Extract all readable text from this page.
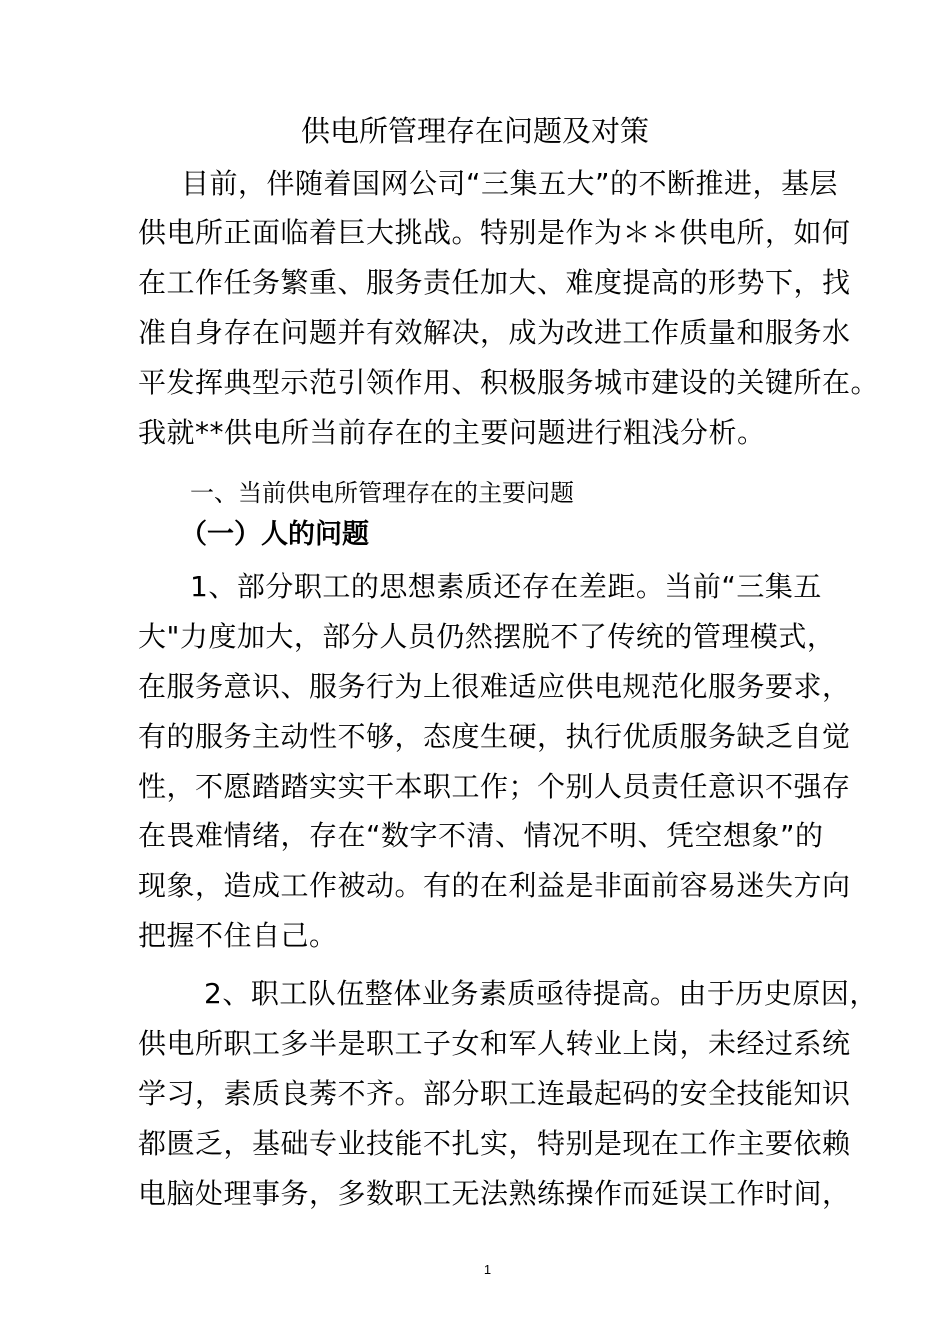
供电所管理存在问题及对策
目前，伴随着国网公司“三集五大”的不断推进，基层
供电所正面临着巨大挑战。特别是作为＊＊供电所，如何
在工作任务繁重、服务责任加大、难度提高的形势下，找
准自身存在问题并有效解决，成为改进工作质量和服务水
平发挥典型示范引领作用、积极服务城市建设的关键所在。
我就**供电所当前存在的主要问题进行粗浅分析。
一、当前供电所管理存在的主要问题
（一）人的问题
1、部分职工的思想素质还存在差距。当前“三集五
大"力度加大，部分人员仍然摆脱不了传统的管理模式，
在服务意识、服务行为上很难适应供电规范化服务要求，
有的服务主动性不够，态度生硬，执行优质服务缺乏自觉
性，不愿踏踏实实干本职工作；个别人员责任意识不强存
在畏难情绪，存在“数字不清、情况不明、凭空想象”的
现象，造成工作被动。有的在利益是非面前容易迷失方向
把握不住自己。
2、职工队伍整体业务素质亟待提高。由于历史原因，
供电所职工多半是职工子女和军人转业上岗，未经过系统
学习，素质良莠不齐。部分职工连最起码的安全技能知识
都匮乏，基础专业技能不扎实，特别是现在工作主要依赖
电脑处理事务，多数职工无法熟练操作而延误工作时间，
1
